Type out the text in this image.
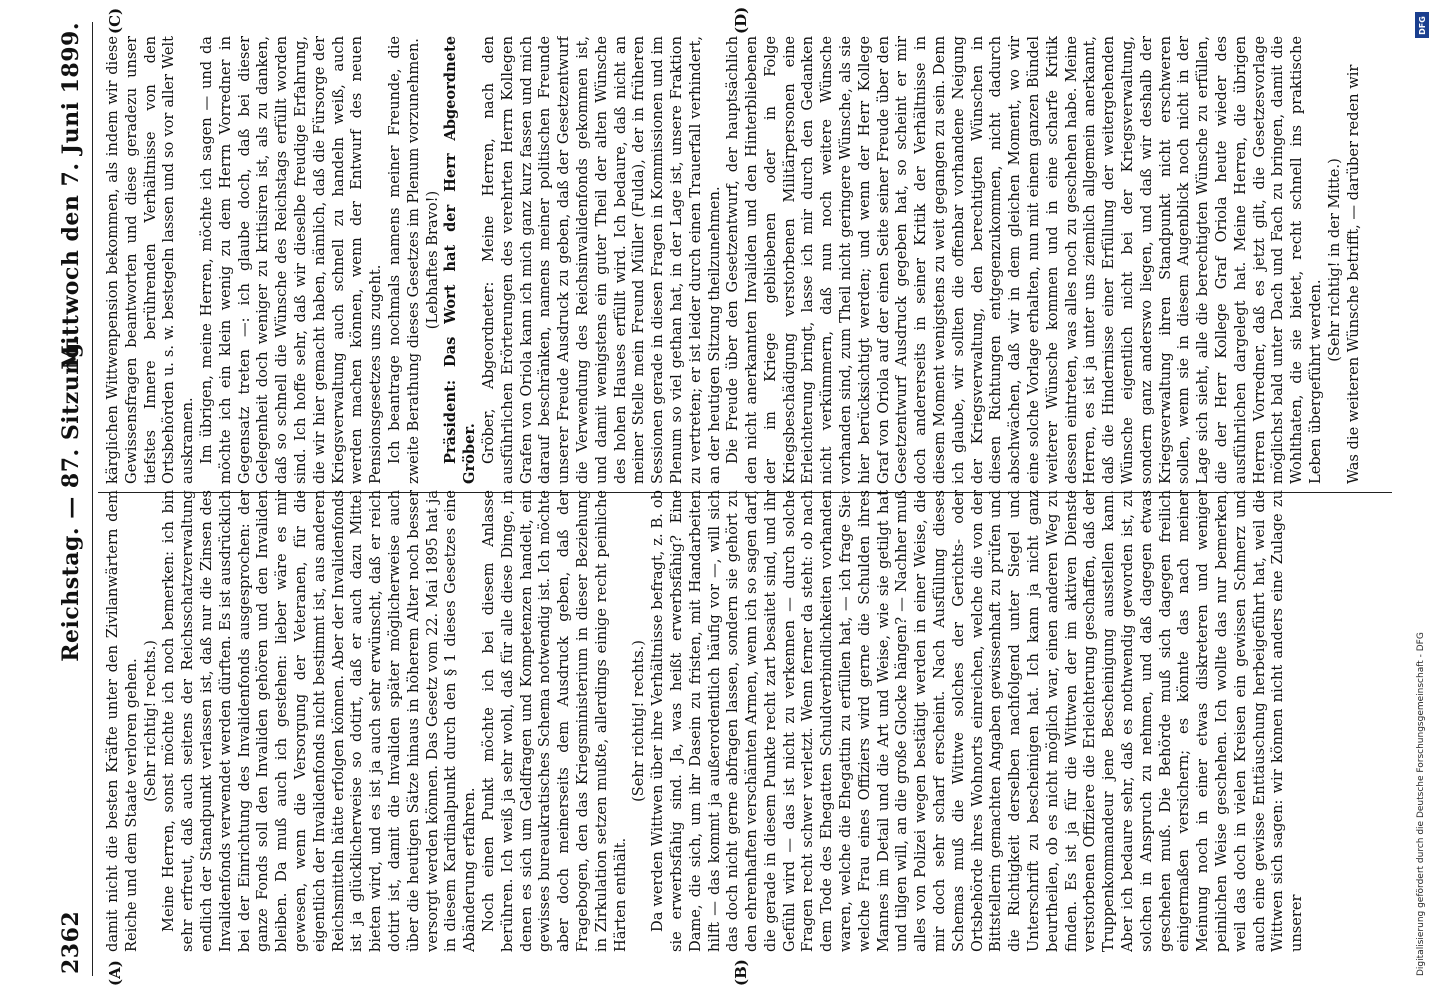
2362
Reichstag. — 87. Sitzung.
Mittwoch den 7. Juni 1899.
(A)	(B)
(C)	(D)

damit nicht die besten Kräfte unter den Zivilanwärtern dem Reiche und dem Staate verloren gehen. (Sehr richtig! rechts.) Meine Herren, sonst möchte ich noch bemerken: ich bin sehr erfreut, daß auch seitens der Reichsschatzverwaltung endlich der Standpunkt verlassen ist, daß nur die Zinsen des Invalidenfonds verwendet werden dürften. Es ist ausdrücklich bei der Einrichtung des Invalidenfonds ausgesprochen: der ganze Fonds soll den Invaliden gehören und den Invaliden bleiben. Da muß auch ich gestehen: lieber wäre es mir gewesen, wenn die Versorgung der Veteranen, für die eigentlich der Invalidenfonds nicht bestimmt ist, aus anderen Reichsmitteln hätte erfolgen können. Aber der Invalidenfonds ist ja glücklicherweise so dotirt, daß er auch dazu Mittel bieten wird, und es ist ja auch sehr erwünscht, daß er reich dotirt ist, damit die Invaliden später möglicherweise auch über die heutigen Sätze hinaus in höherem Alter noch besser versorgt werden können. Das Gesetz vom 22. Mai 1895 hat ja in diesem Kardinalpunkt durch den § 1 dieses Gesetzes eine Abänderung erfahren. Noch einen Punkt möchte ich bei diesem Anlasse berühren. Ich weiß ja sehr wohl, daß für alle diese Dinge, in denen es sich um Geldfragen und Kompetenzen handelt, ein gewisses bureaukratisches Schema notwendig ist. Ich möchte aber doch meinerseits dem Ausdruck geben, daß der Fragebogen, den das Kriegsministerium in dieser Beziehung in Zirkulation setzen mußte, allerdings einige recht peinliche Härten enthält.

(Sehr richtig! rechts.) Da werden Wittwen über ihre Verhältnisse befragt, z. B. ob sie erwerbsfähig sind. Ja, was heißt erwerbsfähig? Eine Dame, die sich, um ihr Dasein zu fristen, mit Handarbeiten hilft — das kommt ja außerordentlich häufig vor —, will sich das doch nicht gerne abfragen lassen, sondern sie gehört zu den ehrenhaften verschämten Armen, wenn ich so sagen darf, die gerade in diesem Punkte recht zart besaitet sind, und ihr Gefühl wird — das ist nicht zu verkennen — durch solche Fragen recht schwer verletzt. Wenn ferner da steht: ob nach dem Tode des Ehegatten Schuldverbindlichkeiten vorhanden waren, welche die Ehegattin zu erfüllen hat, — ich frage Sie: welche Frau eines Offiziers wird gerne die Schulden ihres Mannes im Detail und die Art und Weise, wie sie getilgt hat und tilgen will, an die große Glocke hängen? — Nachher muß alles von Polizei wegen bestätigt werden in einer Weise, die mir doch sehr scharf erscheint. Nach Ausfüllung dieses Schemas muß die Wittwe solches der Gerichts- oder Ortsbehörde ihres Wohnorts einreichen, welche die von der Bittstellerin gemachten Angaben gewissenhaft zu prüfen und die Richtigkeit derselben nachfolgend unter Siegel und Unterschrift zu bescheinigen hat. Ich kann ja nicht ganz beurtheilen, ob es nicht möglich war, einen anderen Weg zu finden. Es ist ja für die Wittwen der im aktiven Dienste verstorbenen Offiziere die Erleichterung geschaffen, daß der Truppenkommandeur jene Bescheinigung ausstellen kann. Aber ich bedaure sehr, daß es nothwendig geworden ist, zu solchen in Anspruch zu nehmen, und daß dagegen etwas geschehen muß. Die Behörde muß sich dagegen freilich einigermaßen versichern; es könnte das nach meiner Meinung noch in einer etwas diskreteren und weniger peinlichen Weise geschehen. Ich wollte das nur bemerken, weil das doch in vielen Kreisen ein gewissen Schmerz und auch eine gewisse Enttäuschung herbeigeführt hat, weil die Wittwen sich sagen: wir können nicht anders eine Zulage zu unserer

kärglichen Wittwenpension bekommen, als indem wir diese Gewissensfragen beantworten und diese geradezu unser tiefstes Innere berührenden Verhältnisse von den Ortsbehörden u. s. w. bestegeln lassen und so vor aller Welt auskramen. Im übrigen, meine Herren, möchte ich sagen — und da möchte ich ein klein wenig zu dem Herrn Vorredner in Gegensatz treten —: ich glaube doch, daß bei dieser Gelegenheit doch weniger zu kritisiren ist, als zu danken, daß so schnell die Wünsche des Reichstags erfüllt worden sind. Ich hoffe sehr, daß wir dieselbe freudige Erfahrung, die wir hier gemacht haben, nämlich, daß die Fürsorge der Kriegsverwaltung auch schnell zu handeln weiß, auch werden machen können, wenn der Entwurf des neuen Pensionsgesetzes uns zugeht. Ich beantrage nochmals namens meiner Freunde, die zweite Berathung dieses Gesetzes im Plenum vorzunehmen. (Lebhaftes Bravo!) Präsident: Das Wort hat der Herr Abgeordnete Gröber. Gröber, Abgeordneter: Meine Herren, nach den ausführlichen Erörterungen des verehrten Herrn Kollegen Grafen von Oriola kann ich mich ganz kurz fassen und mich darauf beschränken, namens meiner politischen Freunde unserer Freude Ausdruck zu geben, daß der Gesetzentwurf die Verwendung des Reichsinvalidenfonds gekommen ist, und damit wenigstens ein guter Theil der alten Wünsche des hohen Hauses erfüllt wird. Ich bedaure, daß nicht an meiner Stelle mein Freund Müller (Fulda), der in früheren Sessionen gerade in diesen Fragen in Kommissionen und im Plenum so viel gethan hat, in der Lage ist, unsere Fraktion zu vertreten; er ist leider durch einen Trauerfall verhindert, an der heutigen Sitzung theilzunehmen. Die Freude über den Gesetzentwurf, der hauptsächlich den nicht anerkannten Invaliden und den Hinterbliebenen der im Kriege gebliebenen oder in Folge Kriegsbeschädigung verstorbenen Militärpersonen eine Erleichterung bringt, lasse ich mir durch den Gedanken nicht verkümmern, daß nun noch weitere Wünsche vorhanden sind, zum Theil nicht geringere Wünsche, als sie hier berücksichtigt werden; und wenn der Herr Kollege Graf von Oriola auf der einen Seite seiner Freude über den Gesetzentwurf Ausdruck gegeben hat, so scheint er mir doch andererseits in seiner Kritik der Verhältnisse in diesem Moment wenigstens zu weit gegangen zu sein. Denn ich glaube, wir sollten die offenbar vorhandene Neigung der Kriegsverwaltung, den berechtigten Wünschen in diesen Richtungen entgegenzukommen, nicht dadurch abschwächen, daß wir in dem gleichen Moment, wo wir eine solche Vorlage erhalten, nun mit einem ganzen Bündel weiterer Wünsche kommen und in eine scharfe Kritik dessen eintreten, was alles noch zu geschehen habe. Meine Herren, es ist ja unter uns ziemlich allgemein anerkannt, daß die Hindernisse einer Erfüllung der weitergehenden Wünsche eigentlich nicht bei der Kriegsverwaltung, sondern ganz anderswo liegen, und daß wir deshalb der Kriegsverwaltung ihren Standpunkt nicht erschweren sollen, wenn sie in diesem Augenblick noch nicht in der Lage sich sieht, alle die berechtigten Wünsche zu erfüllen, die der Herr Kollege Graf Oriola heute wieder des ausführlichen dargelegt hat. Meine Herren, die übrigen Herren Vorredner, daß es jetzt gilt, die Gesetzesvorlage möglichst bald unter Dach und Fach zu bringen, damit die Wohlthaten, die sie bietet, recht schnell ins praktische Leben übergeführt werden.

(Sehr richtig! in der Mitte.) Was die weiteren Wünsche betrifft, — darüber reden wir

DFG
Digitalisierung gefördert durch die Deutsche Forschungsgemeinschaft - DFG
